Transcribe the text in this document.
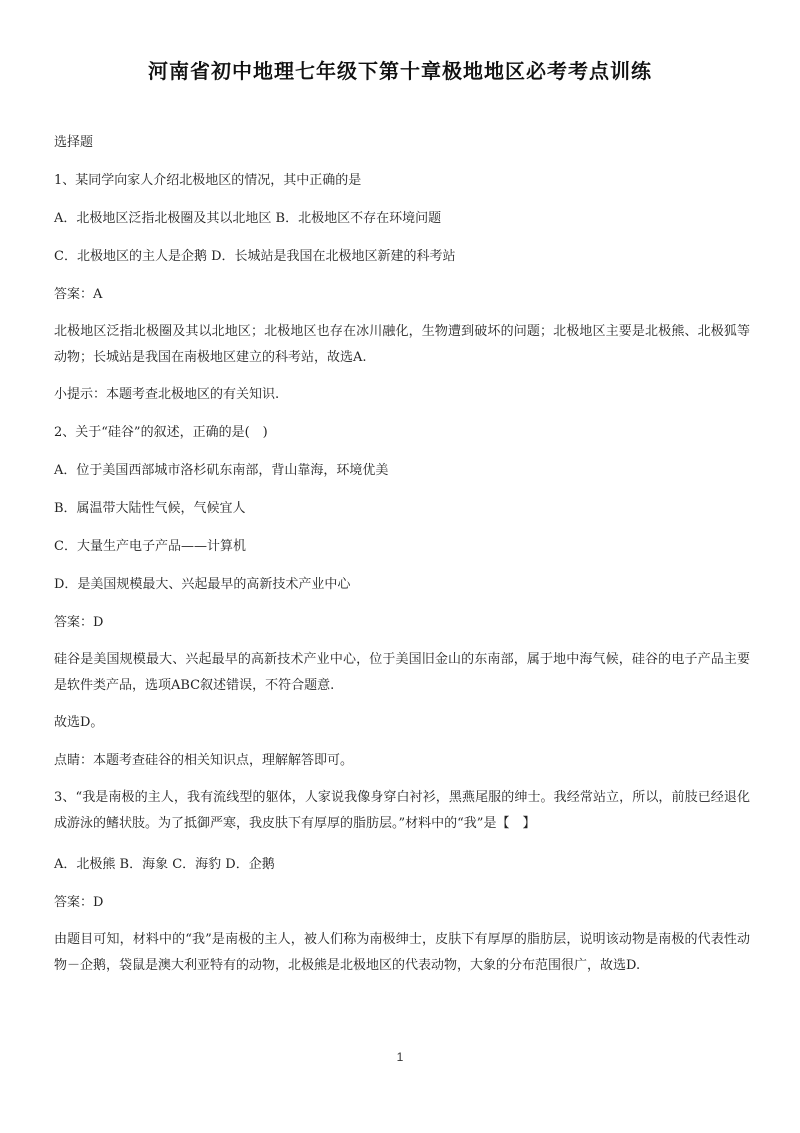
河南省初中地理七年级下第十章极地地区必考考点训练

选择题

1、某同学向家人介绍北极地区的情况，其中正确的是

A．北极地区泛指北极圈及其以北地区 B．北极地区不存在环境问题

C．北极地区的主人是企鹅 D．长城站是我国在北极地区新建的科考站

答案：A

北极地区泛指北极圈及其以北地区；北极地区也存在冰川融化，生物遭到破坏的问题；北极地区主要是北极熊、北极狐等动物；长城站是我国在南极地区建立的科考站，故选A.

小提示：本题考查北极地区的有关知识.

2、关于“硅谷”的叙述，正确的是(　)

A．位于美国西部城市洛杉矶东南部，背山靠海，环境优美

B．属温带大陆性气候，气候宜人

C．大量生产电子产品——计算机

D．是美国规模最大、兴起最早的高新技术产业中心

答案：D

硅谷是美国规模最大、兴起最早的高新技术产业中心，位于美国旧金山的东南部，属于地中海气候，硅谷的电子产品主要是软件类产品，选项ABC叙述错误，不符合题意.

故选D。

点睛：本题考查硅谷的相关知识点，理解解答即可。

3、“我是南极的主人，我有流线型的躯体，人家说我像身穿白衬衫，黑燕尾服的绅士。我经常站立，所以，前肢已经退化成游泳的鳍状肢。为了抵御严寒，我皮肤下有厚厚的脂肪层。”材料中的“我”是【　】

A．北极熊 B．海象 C．海豹 D．企鹅

答案：D

由题目可知，材料中的“我”是南极的主人，被人们称为南极绅士，皮肤下有厚厚的脂肪层，说明该动物是南极的代表性动物－企鹅，袋鼠是澳大利亚特有的动物，北极熊是北极地区的代表动物，大象的分布范围很广，故选D.

1
